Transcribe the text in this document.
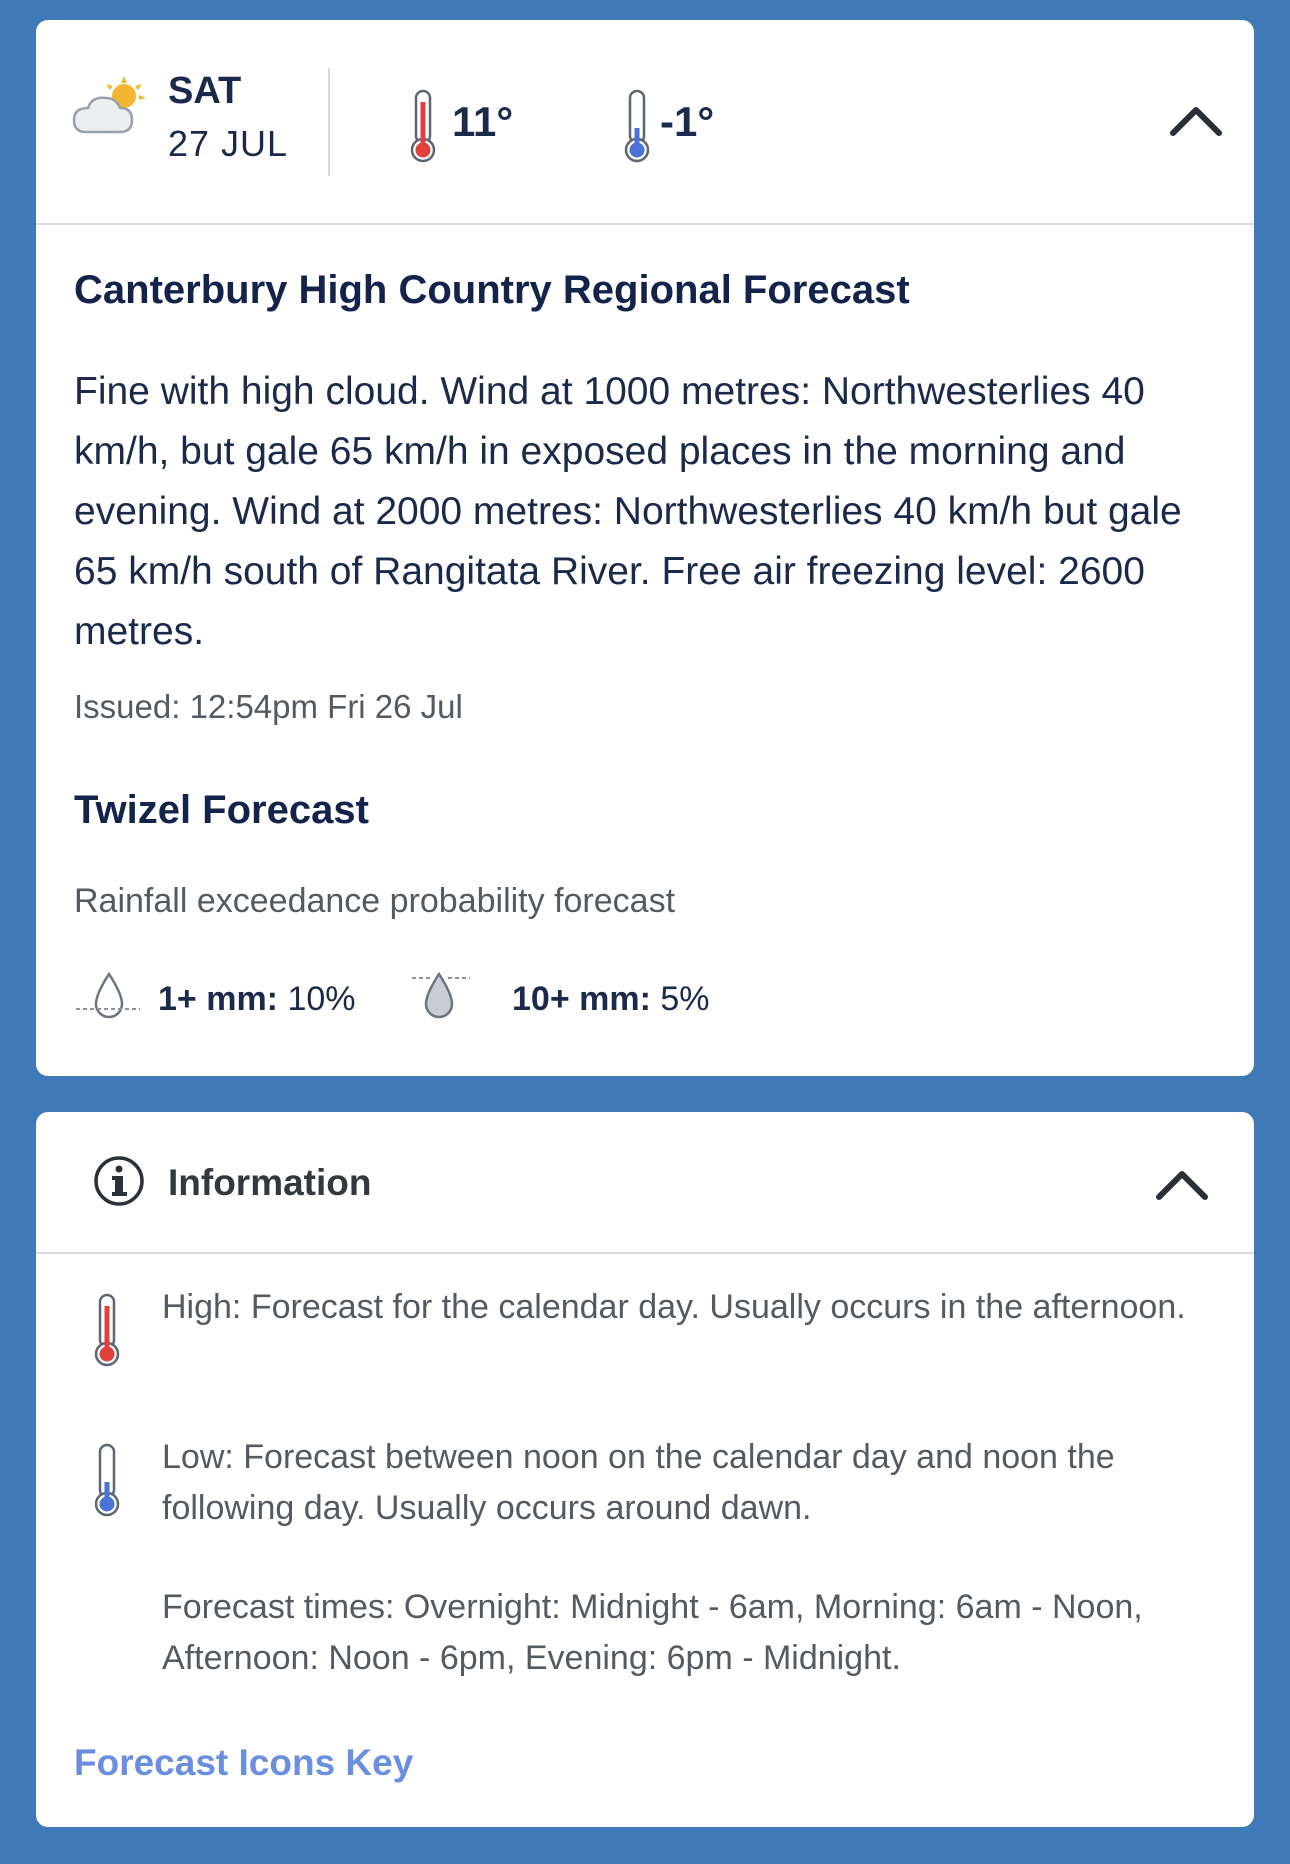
SAT
27 JUL	11°	-1°
Canterbury High Country Regional Forecast
Fine with high cloud. Wind at 1000 metres: Northwesterlies 40 km/h, but gale 65 km/h in exposed places in the morning and evening. Wind at 2000 metres: Northwesterlies 40 km/h but gale 65 km/h south of Rangitata River. Free air freezing level: 2600 metres.
Issued: 12:54pm Fri 26 Jul
Twizel Forecast
Rainfall exceedance probability forecast
1+ mm: 10%	10+ mm: 5%
Information
High: Forecast for the calendar day. Usually occurs in the afternoon.
Low: Forecast between noon on the calendar day and noon the following day. Usually occurs around dawn.
Forecast times: Overnight: Midnight - 6am, Morning: 6am - Noon, Afternoon: Noon - 6pm, Evening: 6pm - Midnight.
Forecast Icons Key
